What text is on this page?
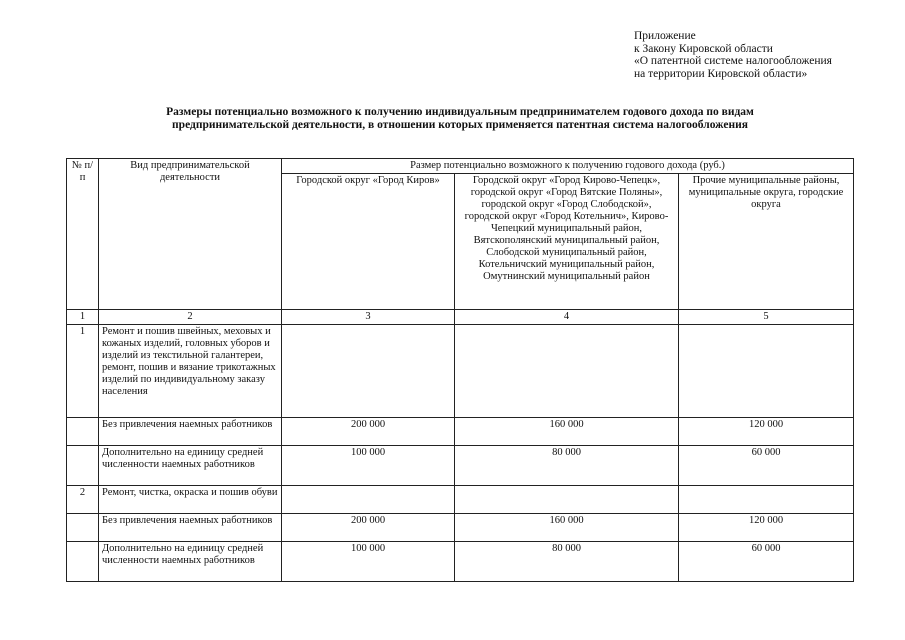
Приложение
к Закону Кировской области
«О патентной системе налогообложения
на территории Кировской области»
Размеры потенциально возможного к получению индивидуальным предпринимателем годового дохода по видам
предпринимательской деятельности, в отношении которых применяется патентная система налогообложения
№ п/п	Вид предпринимательской деятельности	Размер потенциально возможного к получению годового дохода (руб.)		
		Городской округ «Город Киров»	Городской округ «Город Кирово-Чепецк», городской округ «Город Вятские Поляны», городской округ «Город Слободской», городской округ «Город Котельнич», Кирово-Чепецкий муниципальный район, Вятскополянский муниципальный район, Слободской муниципальный район, Котельничский муниципальный район, Омутнинский муниципальный район	Прочие муниципальные районы, муниципальные округа, городские округа
1	2	3	4	5
1	Ремонт и пошив швейных, меховых и кожаных изделий, головных уборов и изделий из текстильной галантереи, ремонт, пошив и вязание трикотажных изделий по индивидуальному заказу населения			
	Без привлечения наемных работников	200 000	160 000	120 000
	Дополнительно на единицу средней численности наемных работников	100 000	80 000	60 000
2	Ремонт, чистка, окраска и пошив обуви			
	Без привлечения наемных работников	200 000	160 000	120 000
	Дополнительно на единицу средней численности наемных работников	100 000	80 000	60 000
